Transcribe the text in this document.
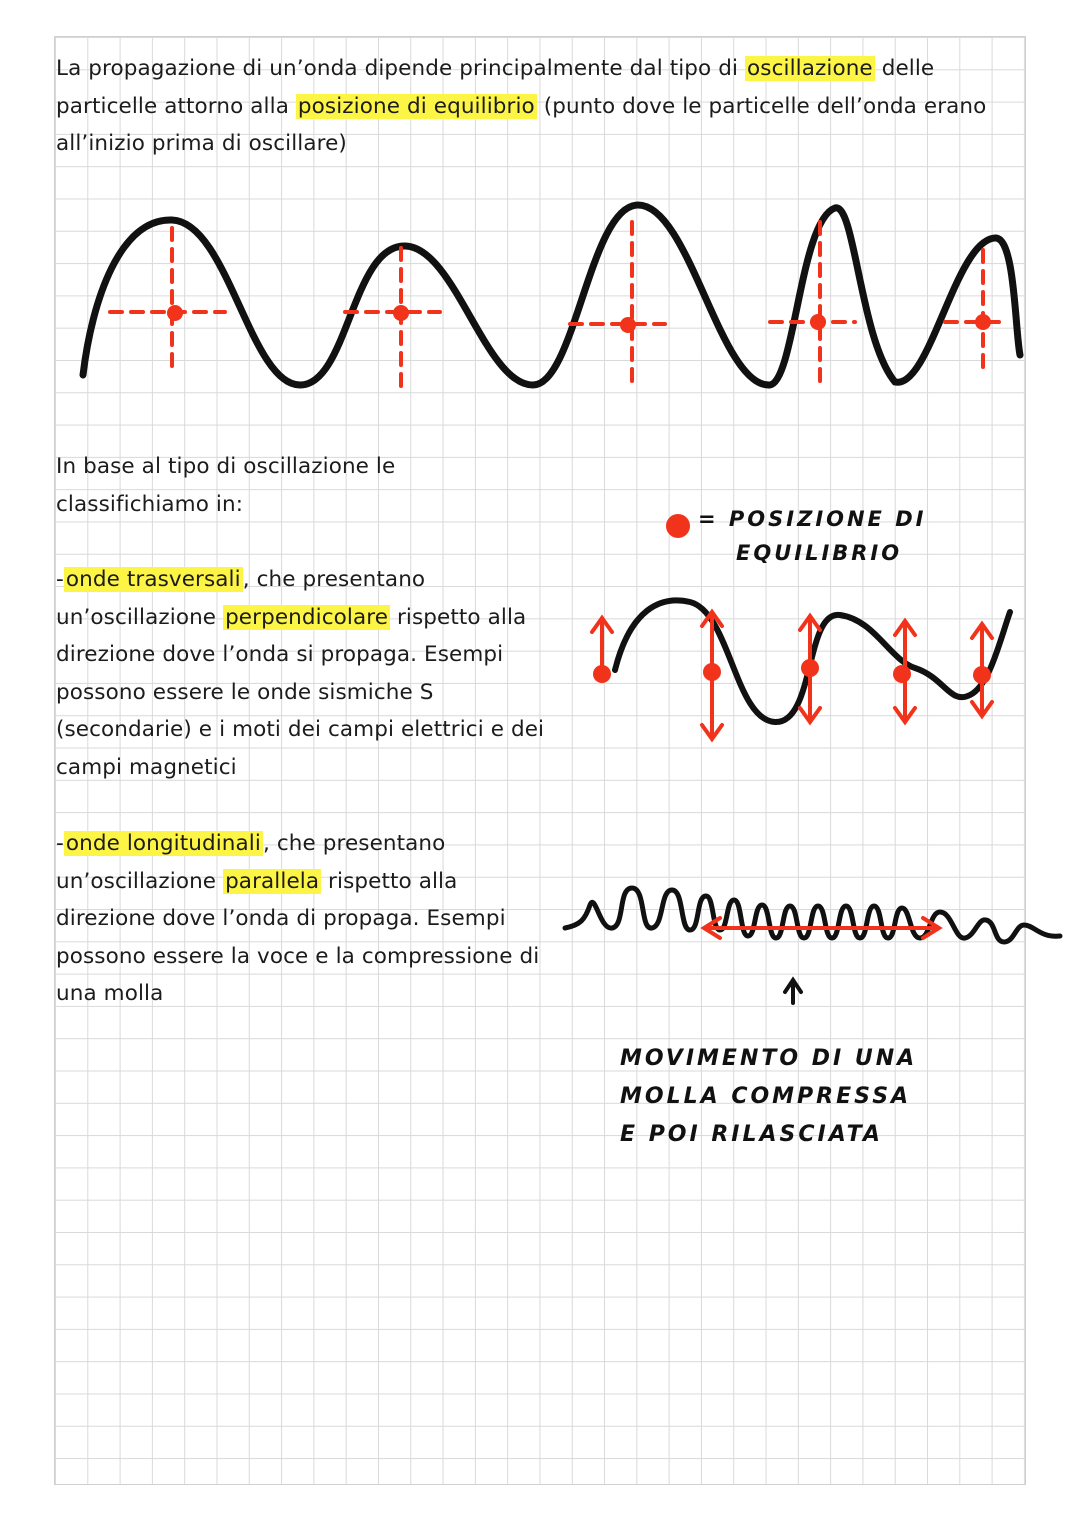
La propagazione di un’onda dipende principalmente dal tipo di oscillazione delle particelle attorno alla posizione di equilibrio (punto dove le particelle dell’onda erano all’inizio prima di oscillare)

In base al tipo di oscillazione le
classifichiamo in:

= POSIZIONE DI
EQUILIBRIO

-onde trasversali, che presentano un’oscillazione perpendicolare rispetto alla direzione dove l’onda si propaga. Esempi possono essere le onde sismiche S (secondarie) e i moti dei campi elettrici e dei campi magnetici

-onde longitudinali, che presentano un’oscillazione parallela rispetto alla direzione dove l’onda di propaga. Esempi possono essere la voce e la compressione di una molla

MOVIMENTO DI UNA
MOLLA COMPRESSA
E POI RILASCIATA
